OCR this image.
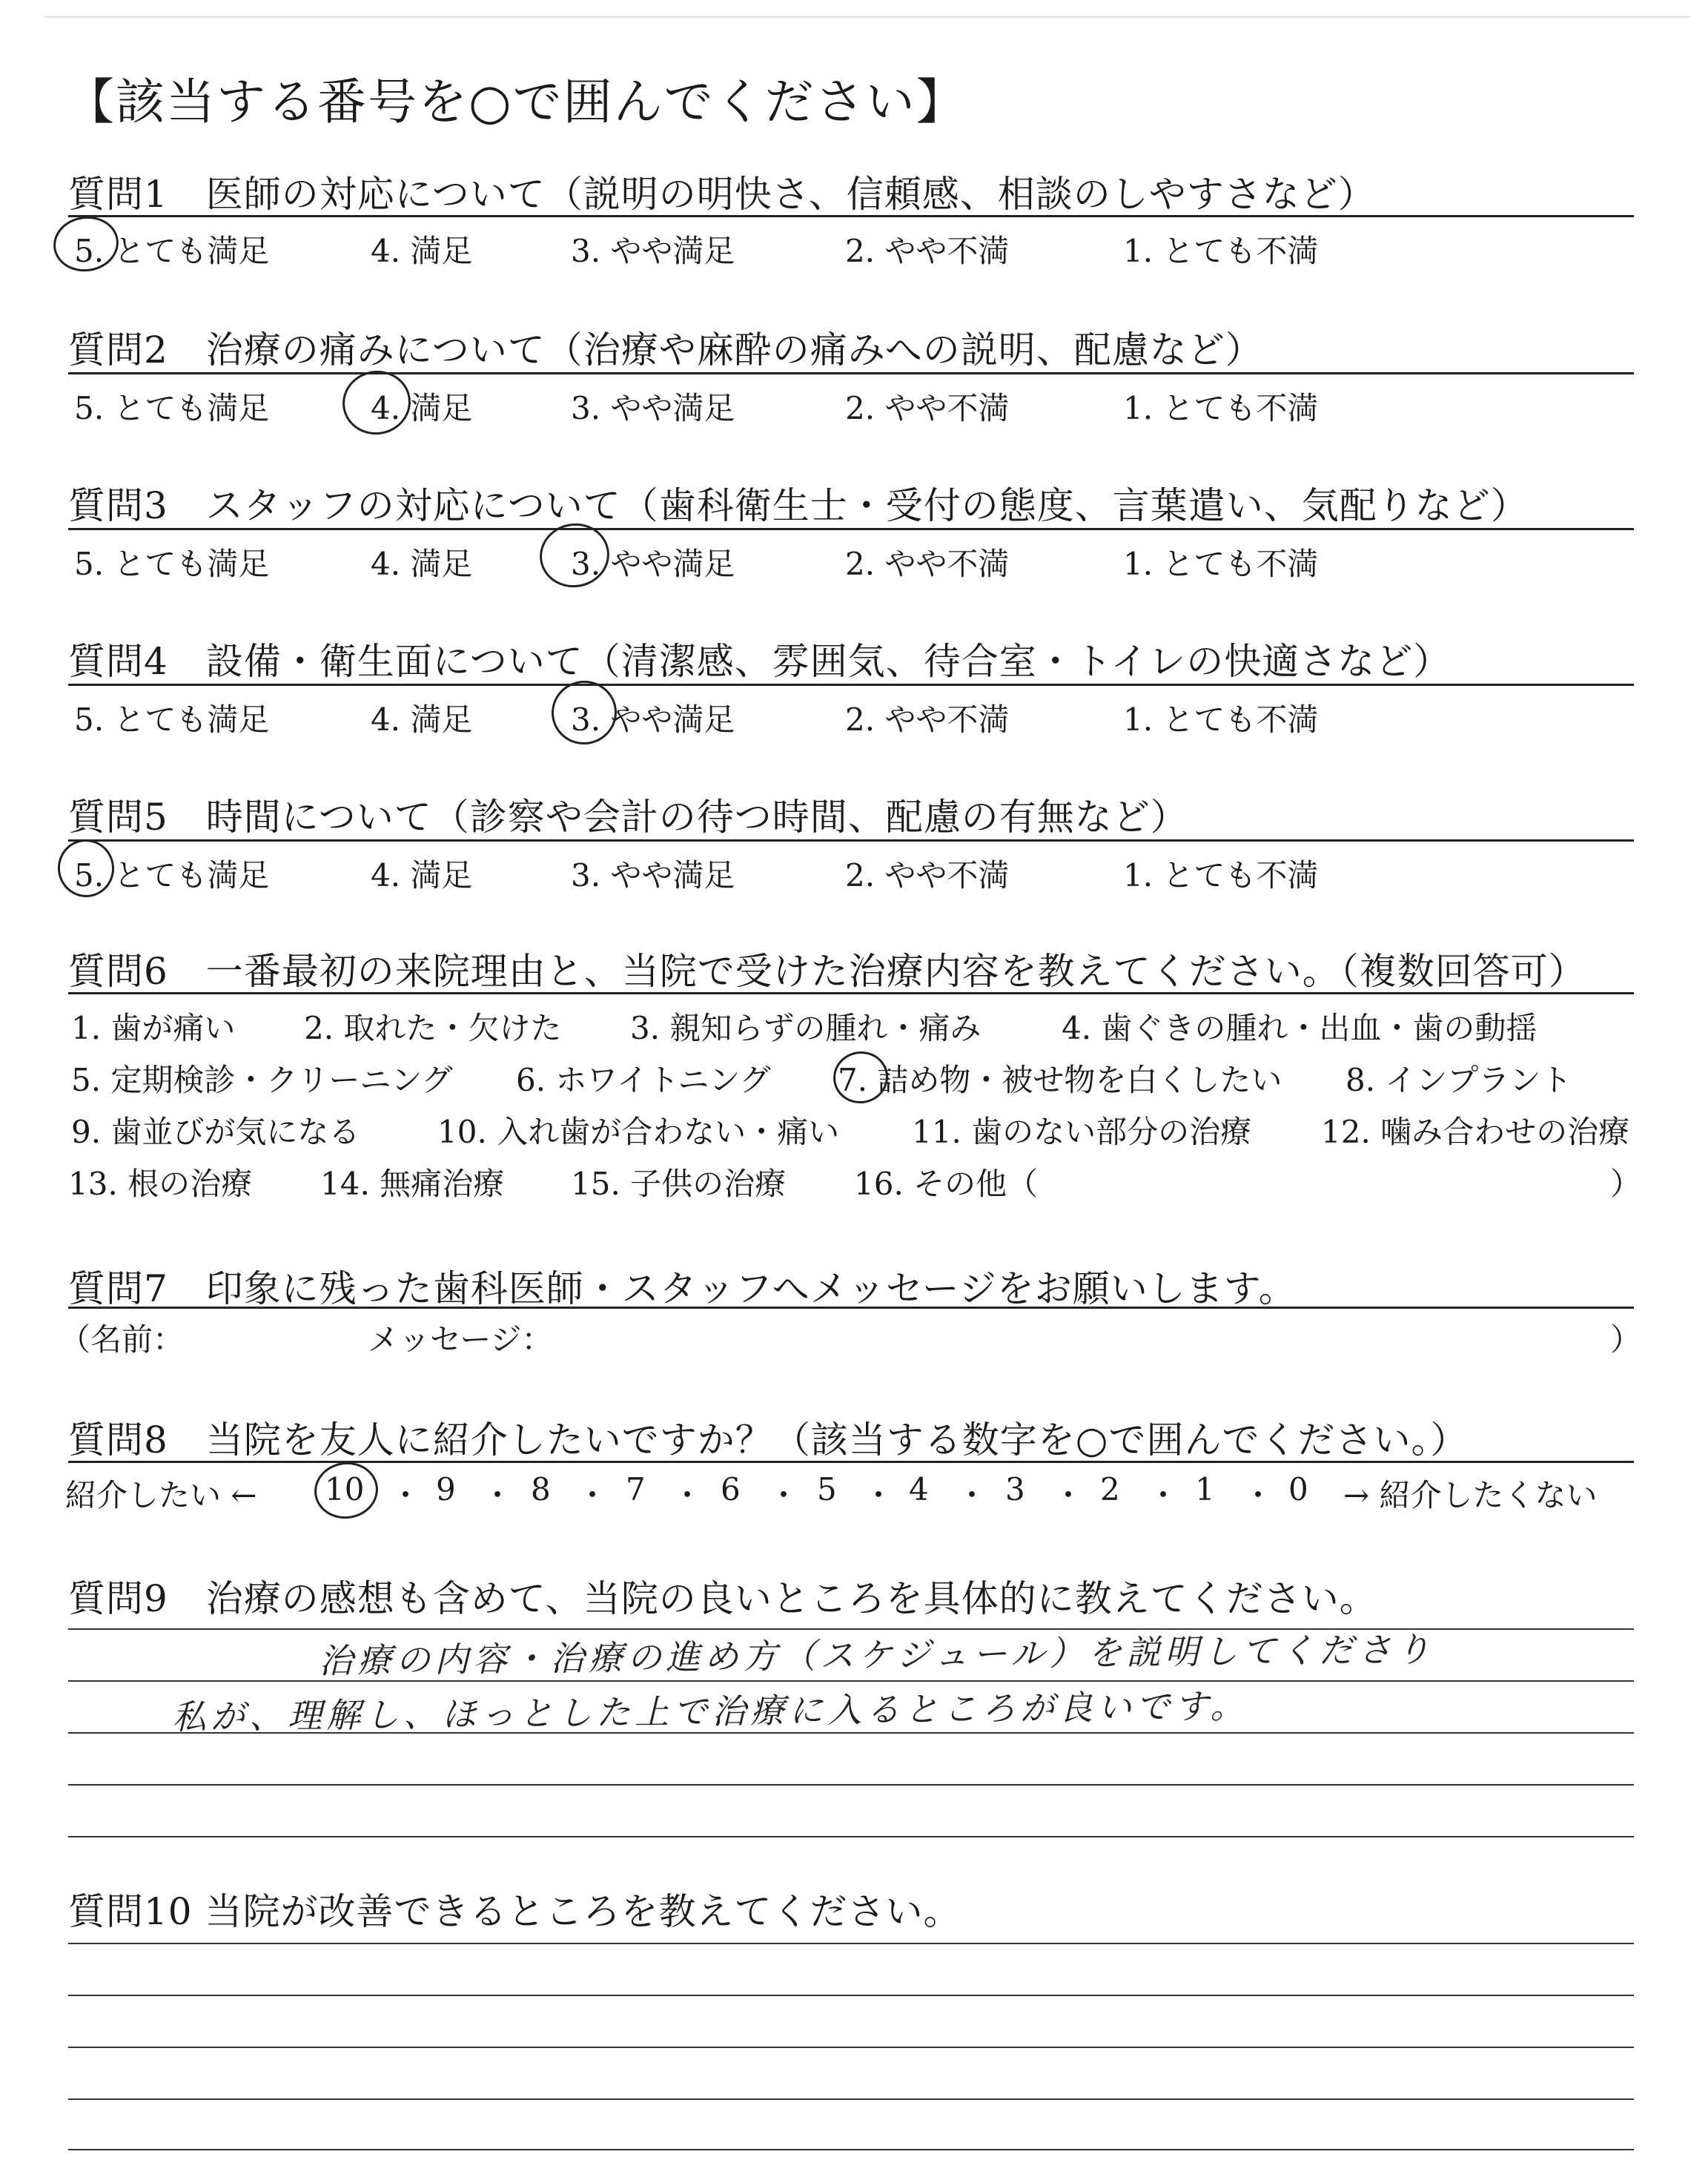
【該当する番号を○で囲んでください】
質問1　医師の対応について（説明の明快さ、信頼感、相談のしやすさなど）
5. とても満足	4. 満足	3. やや満足	2. やや不満	1. とても不満
質問2　治療の痛みについて（治療や麻酔の痛みへの説明、配慮など）
5. とても満足	4. 満足	3. やや満足	2. やや不満	1. とても不満
質問3　スタッフの対応について（歯科衛生士・受付の態度、言葉遣い、気配りなど）
5. とても満足	4. 満足	3. やや満足	2. やや不満	1. とても不満
質問4　設備・衛生面について（清潔感、雰囲気、待合室・トイレの快適さなど）
5. とても満足	4. 満足	3. やや満足	2. やや不満	1. とても不満
質問5　時間について（診察や会計の待つ時間、配慮の有無など）
5. とても満足	4. 満足	3. やや満足	2. やや不満	1. とても不満
質問6　一番最初の来院理由と、当院で受けた治療内容を教えてください。（複数回答可）
1. 歯が痛い 2. 取れた・欠けた 3. 親知らずの腫れ・痛み	4. 歯ぐきの腫れ・出血・歯の動揺
5. 定期検診・クリーニング 6. ホワイトニング 7. 詰め物・被せ物を白くしたい 8. インプラント
9. 歯並びが気になる 10. 入れ歯が合わない・痛い 11. 歯のない部分の治療 12. 噛み合わせの治療
13. 根の治療 14. 無痛治療 15. 子供の治療 16. その他（	）
質問7　印象に残った歯科医師・スタッフへメッセージをお願いします。
（名前：	メッセージ：	）
質問8　当院を友人に紹介したいですか？（該当する数字を○で囲んでください。）
紹介したい ← 10 ・ 9 ・ 8 ・ 7 ・ 6 ・ 5 ・ 4 ・ 3 ・ 2 ・ 1 ・ 0 → 紹介したくない
質問9　治療の感想も含めて、当院の良いところを具体的に教えてください。
治療の内容・治療の進め方（スケジュール）を説明してくださり
私が、理解し、ほっとした上で治療に入るところが良いです。
質問10 当院が改善できるところを教えてください。
